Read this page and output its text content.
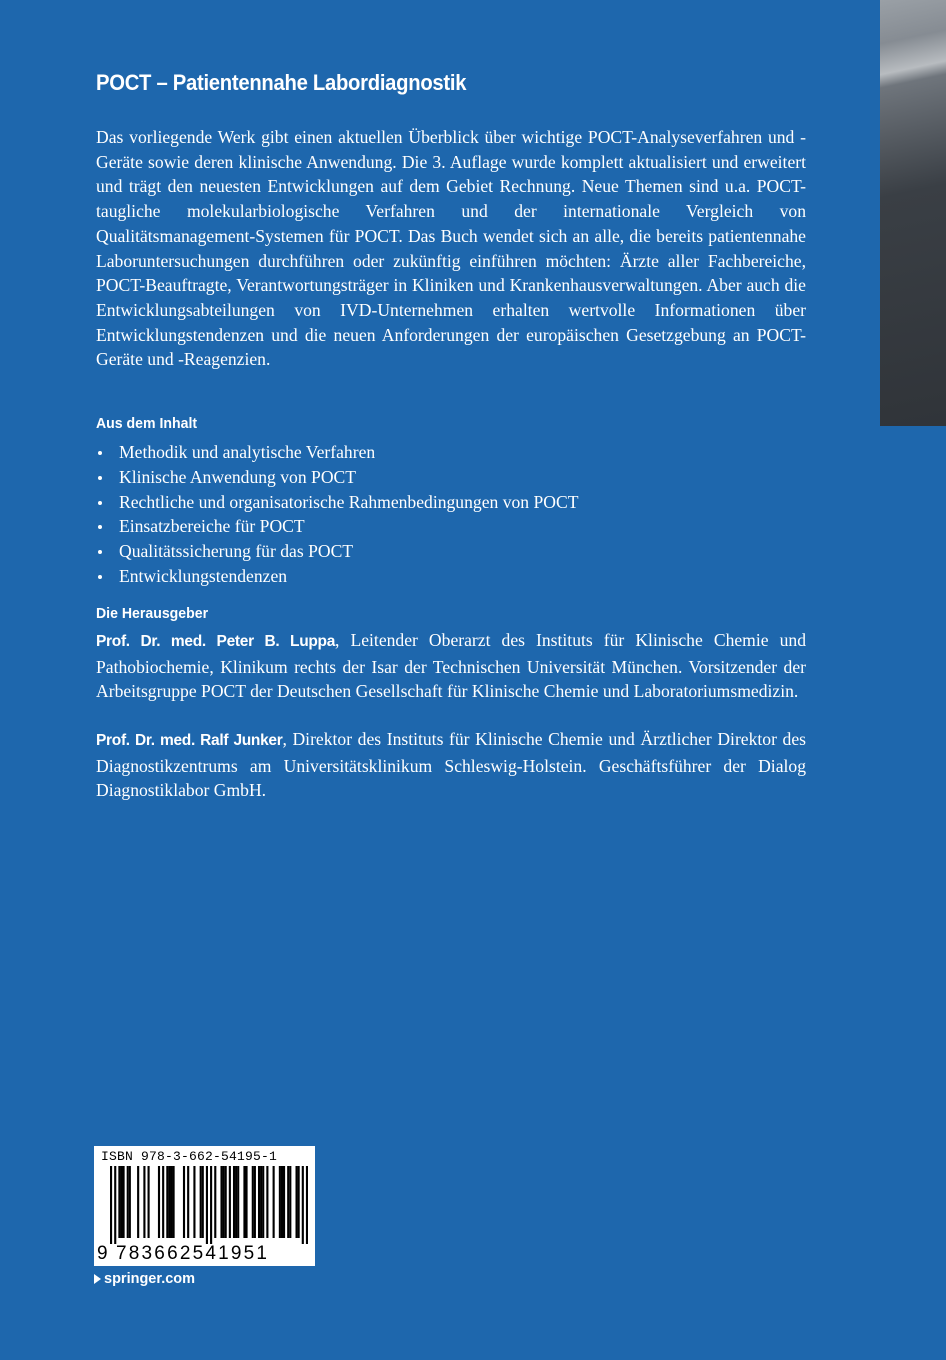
POCT – Patientennahe Labordiagnostik

Das vorliegende Werk gibt einen aktuellen Überblick über wichtige POCT-Analyseverfahren und -Geräte sowie deren klinische Anwendung. Die 3. Auflage wurde komplett aktualisiert und erweitert und trägt den neuesten Entwicklungen auf dem Gebiet Rechnung. Neue Themen sind u.a. POCT-taugliche molekularbiologische Verfahren und der internationale Vergleich von Qualitätsmanagement-Systemen für POCT. Das Buch wendet sich an alle, die bereits patientennahe Laboruntersuchungen durchführen oder zukünftig einführen möchten: Ärzte aller Fachbereiche, POCT-Beauftragte, Verantwortungsträger in Kliniken und Krankenhausverwaltungen. Aber auch die Entwicklungsabteilungen von IVD-Unternehmen erhalten wertvolle Informationen über Entwicklungstendenzen und die neuen Anforderungen der europäischen Gesetzgebung an POCT-Geräte und -Reagenzien.

Aus dem Inhalt
Methodik und analytische Verfahren
Klinische Anwendung von POCT
Rechtliche und organisatorische Rahmenbedingungen von POCT
Einsatzbereiche für POCT
Qualitätssicherung für das POCT
Entwicklungstendenzen
Die Herausgeber

Prof. Dr. med. Peter B. Luppa, Leitender Oberarzt des Instituts für Klinische Chemie und Pathobiochemie, Klinikum rechts der Isar der Technischen Universität München. Vorsitzender der Arbeitsgruppe POCT der Deutschen Gesellschaft für Klinische Chemie und Laboratoriumsmedizin.

Prof. Dr. med. Ralf Junker, Direktor des Instituts für Klinische Chemie und Ärztlicher Direktor des Diagnostikzentrums am Universitätsklinikum Schleswig-Holstein. Geschäftsführer der Dialog Diagnostiklabor GmbH.

ISBN 978-3-662-54195-1
9 783662541951
springer.com
